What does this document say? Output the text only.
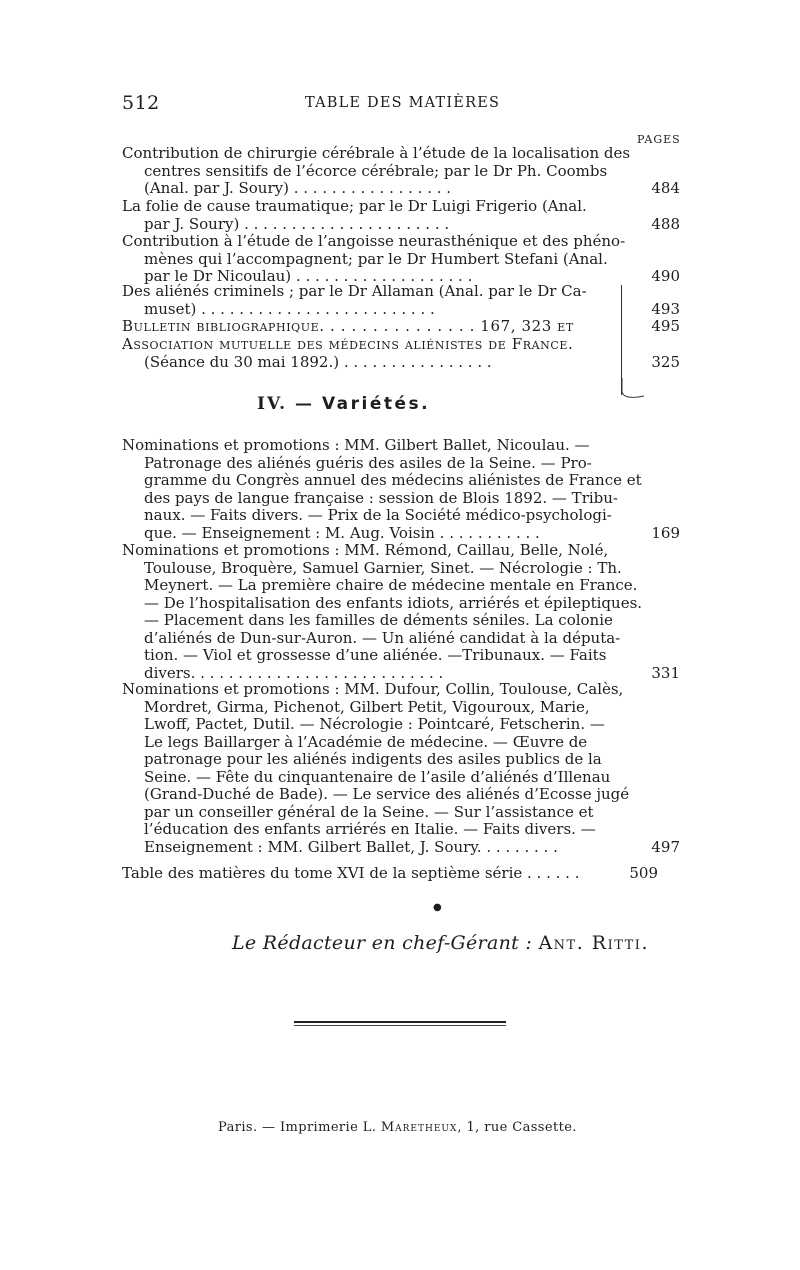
512	TABLE DES MATIÈRES
PAGES
Contribution de chirurgie cérébrale à l’étude de la localisation des
centres sensitifs de l’écorce cérébrale; par le Dr Ph. Coombs
(Anal. par J. Soury) . . . . . . . . . . . . . . . . .	484
La folie de cause traumatique; par le Dr Luigi Frigerio (Anal.
par J. Soury) . . . . . . . . . . . . . . . . . . . . . .	488
Contribution à l’étude de l’angoisse neurasthénique et des phéno-
mènes qui l’accompagnent; par le Dr Humbert Stefani (Anal.
par le Dr Nicoulau) . . . . . . . . . . . . . . . . . . .	490
Des aliénés criminels ; par le Dr Allaman (Anal. par le Dr Ca-
muset) . . . . . . . . . . . . . . . . . . . . . . . . .	493
Bulletin bibliographique. . . . . . . . . . . . . . . 167, 323 et	495
Association mutuelle des médecins aliénistes de France.
(Séance du 30 mai 1892.) . . . . . . . . . . . . . . . .	325
IV. — Variétés.
Nominations et promotions : MM. Gilbert Ballet, Nicoulau. —
Patronage des aliénés guéris des asiles de la Seine. — Pro-
gramme du Congrès annuel des médecins aliénistes de France et
des pays de langue française : session de Blois 1892. — Tribu-
naux. — Faits divers. — Prix de la Société médico-psychologi-
que. — Enseignement : M. Aug. Voisin . . . . . . . . . . .	169
Nominations et promotions : MM. Rémond, Caillau, Belle, Nolé,
Toulouse, Broquère, Samuel Garnier, Sinet. — Nécrologie : Th.
Meynert. — La première chaire de médecine mentale en France.
— De l’hospitalisation des enfants idiots, arriérés et épileptiques.
— Placement dans les familles de déments séniles. La colonie
d’aliénés de Dun-sur-Auron. — Un aliéné candidat à la députa-
tion. — Viol et grossesse d’une aliénée. —Tribunaux. — Faits
divers. . . . . . . . . . . . . . . . . . . . . . . . . . .	331
Nominations et promotions : MM. Dufour, Collin, Toulouse, Calès,
Mordret, Girma, Pichenot, Gilbert Petit, Vigouroux, Marie,
Lwoff, Pactet, Dutil. — Nécrologie : Pointcaré, Fetscherin. —
Le legs Baillarger à l’Académie de médecine. — Œuvre de
patronage pour les aliénés indigents des asiles publics de la
Seine. — Fête du cinquantenaire de l’asile d’aliénés d’Illenau
(Grand-Duché de Bade). — Le service des aliénés d’Ecosse jugé
par un conseiller général de la Seine. — Sur l’assistance et
l’éducation des enfants arriérés en Italie. — Faits divers. —
Enseignement : MM. Gilbert Ballet, J. Soury. . . . . . . . .	497
Table des matières du tome XVI de la septième série . . . . . .	509
●
Le Rédacteur en chef-Gérant : Ant. Ritti.
Paris. — Imprimerie L. Maretheux, 1, rue Cassette.
